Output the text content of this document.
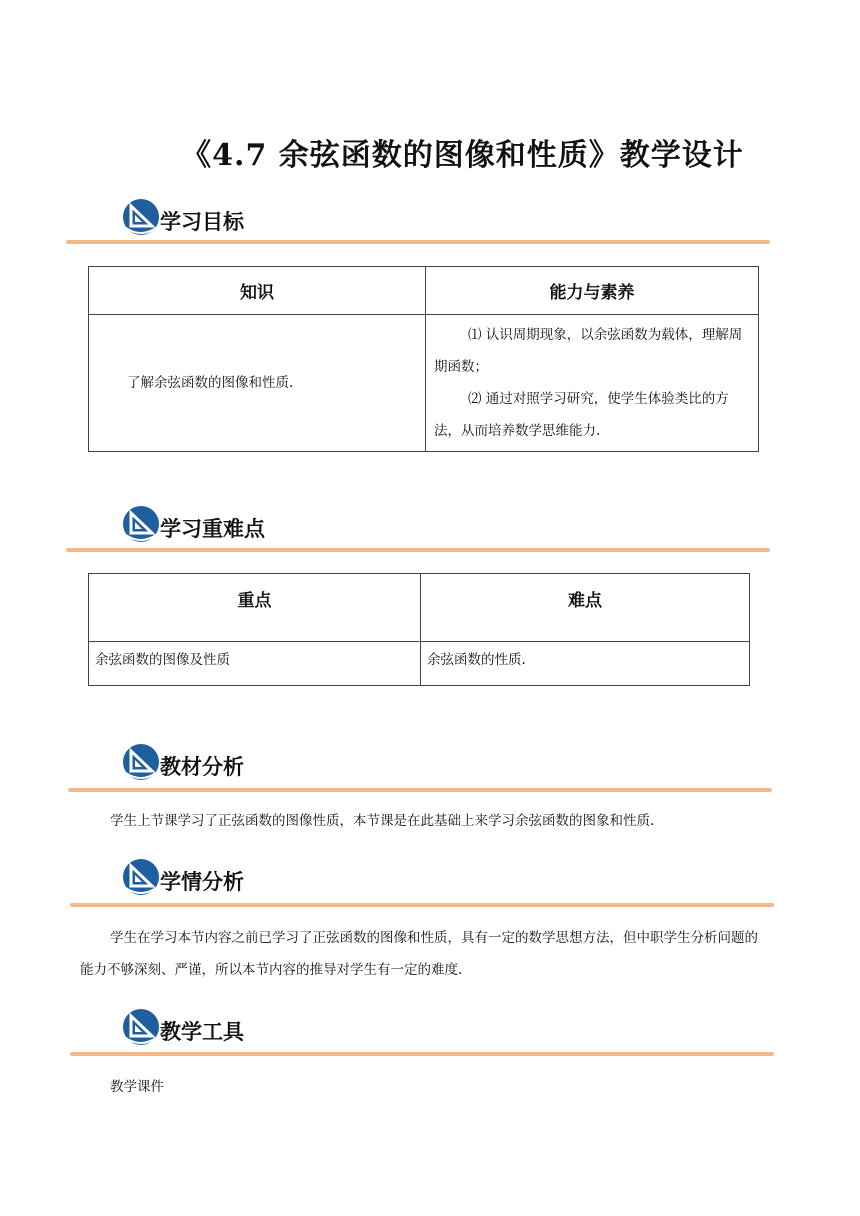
《4.7 余弦函数的图像和性质》教学设计
学习目标
知识	能力与素养
了解余弦函数的图像和性质.	⑴ 认识周期现象，以余弦函数为载体，理解周期函数；
⑵ 通过对照学习研究，使学生体验类比的方法，从而培养数学思维能力.
学习重难点
重点	难点
余弦函数的图像及性质	余弦函数的性质.
教材分析
学生上节课学习了正弦函数的图像性质，本节课是在此基础上来学习余弦函数的图象和性质.
学情分析
学生在学习本节内容之前已学习了正弦函数的图像和性质，具有一定的数学思想方法，但中职学生分析问题的能力不够深刻、严谨，所以本节内容的推导对学生有一定的难度.
教学工具
教学课件
